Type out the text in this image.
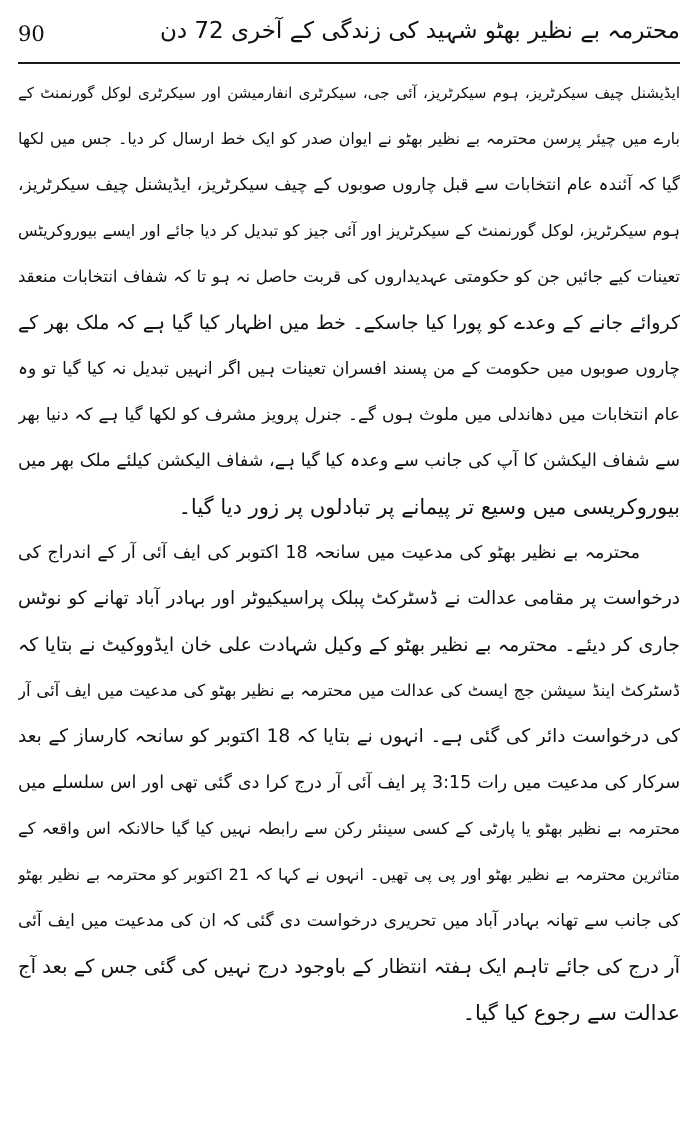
90	محترمہ بے نظیر بھٹو شہید کی زندگی کے آخری 72 دن
ایڈیشنل چیف سیکرٹریز، ہوم سیکرٹریز، آئی جی، سیکرٹری انفارمیشن اور سیکرٹری لوکل گورنمنٹ کے
بارے میں چیئر پرسن محترمہ بے نظیر بھٹو نے ایوان صدر کو ایک خط ارسال کر دیا۔ جس میں لکھا
گیا کہ آئندہ عام انتخابات سے قبل چاروں صوبوں کے چیف سیکرٹریز، ایڈیشنل چیف سیکرٹریز،
ہوم سیکرٹریز، لوکل گورنمنٹ کے سیکرٹریز اور آئی جیز کو تبدیل کر دیا جائے اور ایسے بیوروکریٹس
تعینات کیے جائیں جن کو حکومتی عہدیداروں کی قربت حاصل نہ ہو تا کہ شفاف انتخابات منعقد
کروائے جانے کے وعدے کو پورا کیا جاسکے۔ خط میں اظہار کیا گیا ہے کہ ملک بھر کے
چاروں صوبوں میں حکومت کے من پسند افسران تعینات ہیں اگر انہیں تبدیل نہ کیا گیا تو وہ
عام انتخابات میں دھاندلی میں ملوث ہوں گے۔ جنرل پرویز مشرف کو لکھا گیا ہے کہ دنیا بھر
سے شفاف الیکشن کا آپ کی جانب سے وعدہ کیا گیا ہے، شفاف الیکشن کیلئے ملک بھر میں
بیوروکریسی میں وسیع تر پیمانے پر تبادلوں پر زور دیا گیا۔
محترمہ بے نظیر بھٹو کی مدعیت میں سانحہ 18 اکتوبر کی ایف آئی آر کے اندراج کی
درخواست پر مقامی عدالت نے ڈسٹرکٹ پبلک پراسیکیوٹر اور بہادر آباد تھانے کو نوٹس
جاری کر دیئے۔ محترمہ بے نظیر بھٹو کے وکیل شہادت علی خان ایڈووکیٹ نے بتایا کہ
ڈسٹرکٹ اینڈ سیشن جج ایسٹ کی عدالت میں محترمہ بے نظیر بھٹو کی مدعیت میں ایف آئی آر
کی درخواست دائر کی گئی ہے۔ انہوں نے بتایا کہ 18 اکتوبر کو سانحہ کارساز کے بعد
سرکار کی مدعیت میں رات 3:15 پر ایف آئی آر درج کرا دی گئی تھی اور اس سلسلے میں
محترمہ بے نظیر بھٹو یا پارٹی کے کسی سینئر رکن سے رابطہ نہیں کیا گیا حالانکہ اس واقعہ کے
متاثرین محترمہ بے نظیر بھٹو اور پی پی تھیں۔ انہوں نے کہا کہ 21 اکتوبر کو محترمہ بے نظیر بھٹو
کی جانب سے تھانہ بہادر آباد میں تحریری درخواست دی گئی کہ ان کی مدعیت میں ایف آئی
آر درج کی جائے تاہم ایک ہفتہ انتظار کے باوجود درج نہیں کی گئی جس کے بعد آج
عدالت سے رجوع کیا گیا۔
